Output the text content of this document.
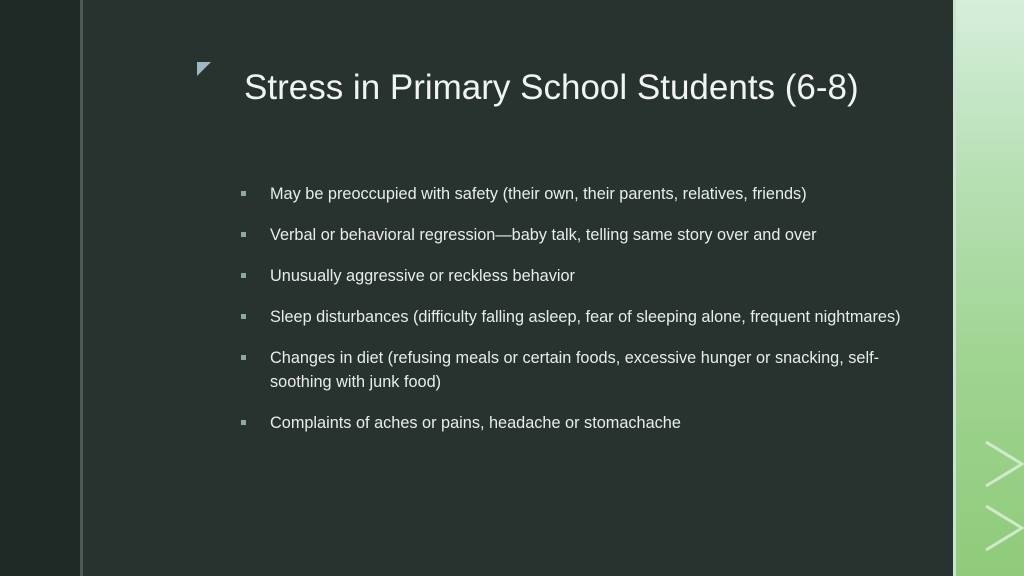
Stress in Primary School Students (6-8)
May be preoccupied with safety (their own, their parents, relatives, friends)
Verbal or behavioral regression—baby talk, telling same story over and over
Unusually aggressive or reckless behavior
Sleep disturbances (difficulty falling asleep, fear of sleeping alone, frequent nightmares)
Changes in diet (refusing meals or certain foods, excessive hunger or snacking, self-soothing with junk food)
Complaints of aches or pains, headache or stomachache
